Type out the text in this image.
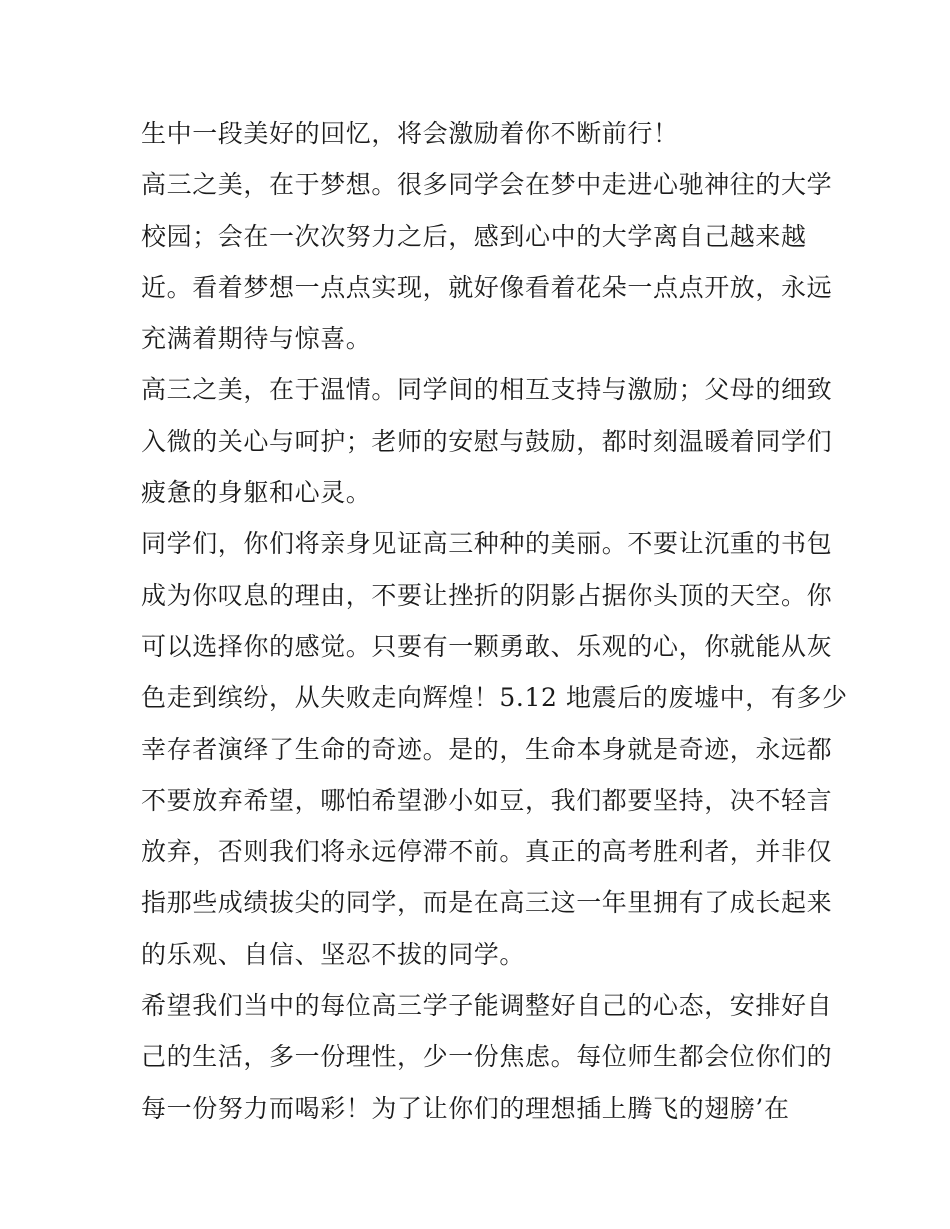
生中一段美好的回忆，将会激励着你不断前行！
高三之美，在于梦想。很多同学会在梦中走进心驰神往的大学
校园；会在一次次努力之后，感到心中的大学离自己越来越
近。看着梦想一点点实现，就好像看着花朵一点点开放，永远
充满着期待与惊喜。
高三之美，在于温情。同学间的相互支持与激励；父母的细致
入微的关心与呵护；老师的安慰与鼓励，都时刻温暖着同学们
疲惫的身躯和心灵。
同学们，你们将亲身见证高三种种的美丽。不要让沉重的书包
成为你叹息的理由，不要让挫折的阴影占据你头顶的天空。你
可以选择你的感觉。只要有一颗勇敢、乐观的心，你就能从灰
色走到缤纷，从失败走向辉煌！5.12 地震后的废墟中，有多少
幸存者演绎了生命的奇迹。是的，生命本身就是奇迹，永远都
不要放弃希望，哪怕希望渺小如豆，我们都要坚持，决不轻言
放弃，否则我们将永远停滞不前。真正的高考胜利者，并非仅
指那些成绩拔尖的同学，而是在高三这一年里拥有了成长起来
的乐观、自信、坚忍不拔的同学。
希望我们当中的每位高三学子能调整好自己的心态，安排好自
己的生活，多一份理性，少一份焦虑。每位师生都会位你们的
每一份努力而喝彩！为了让你们的理想插上腾飞的翅膀’在
